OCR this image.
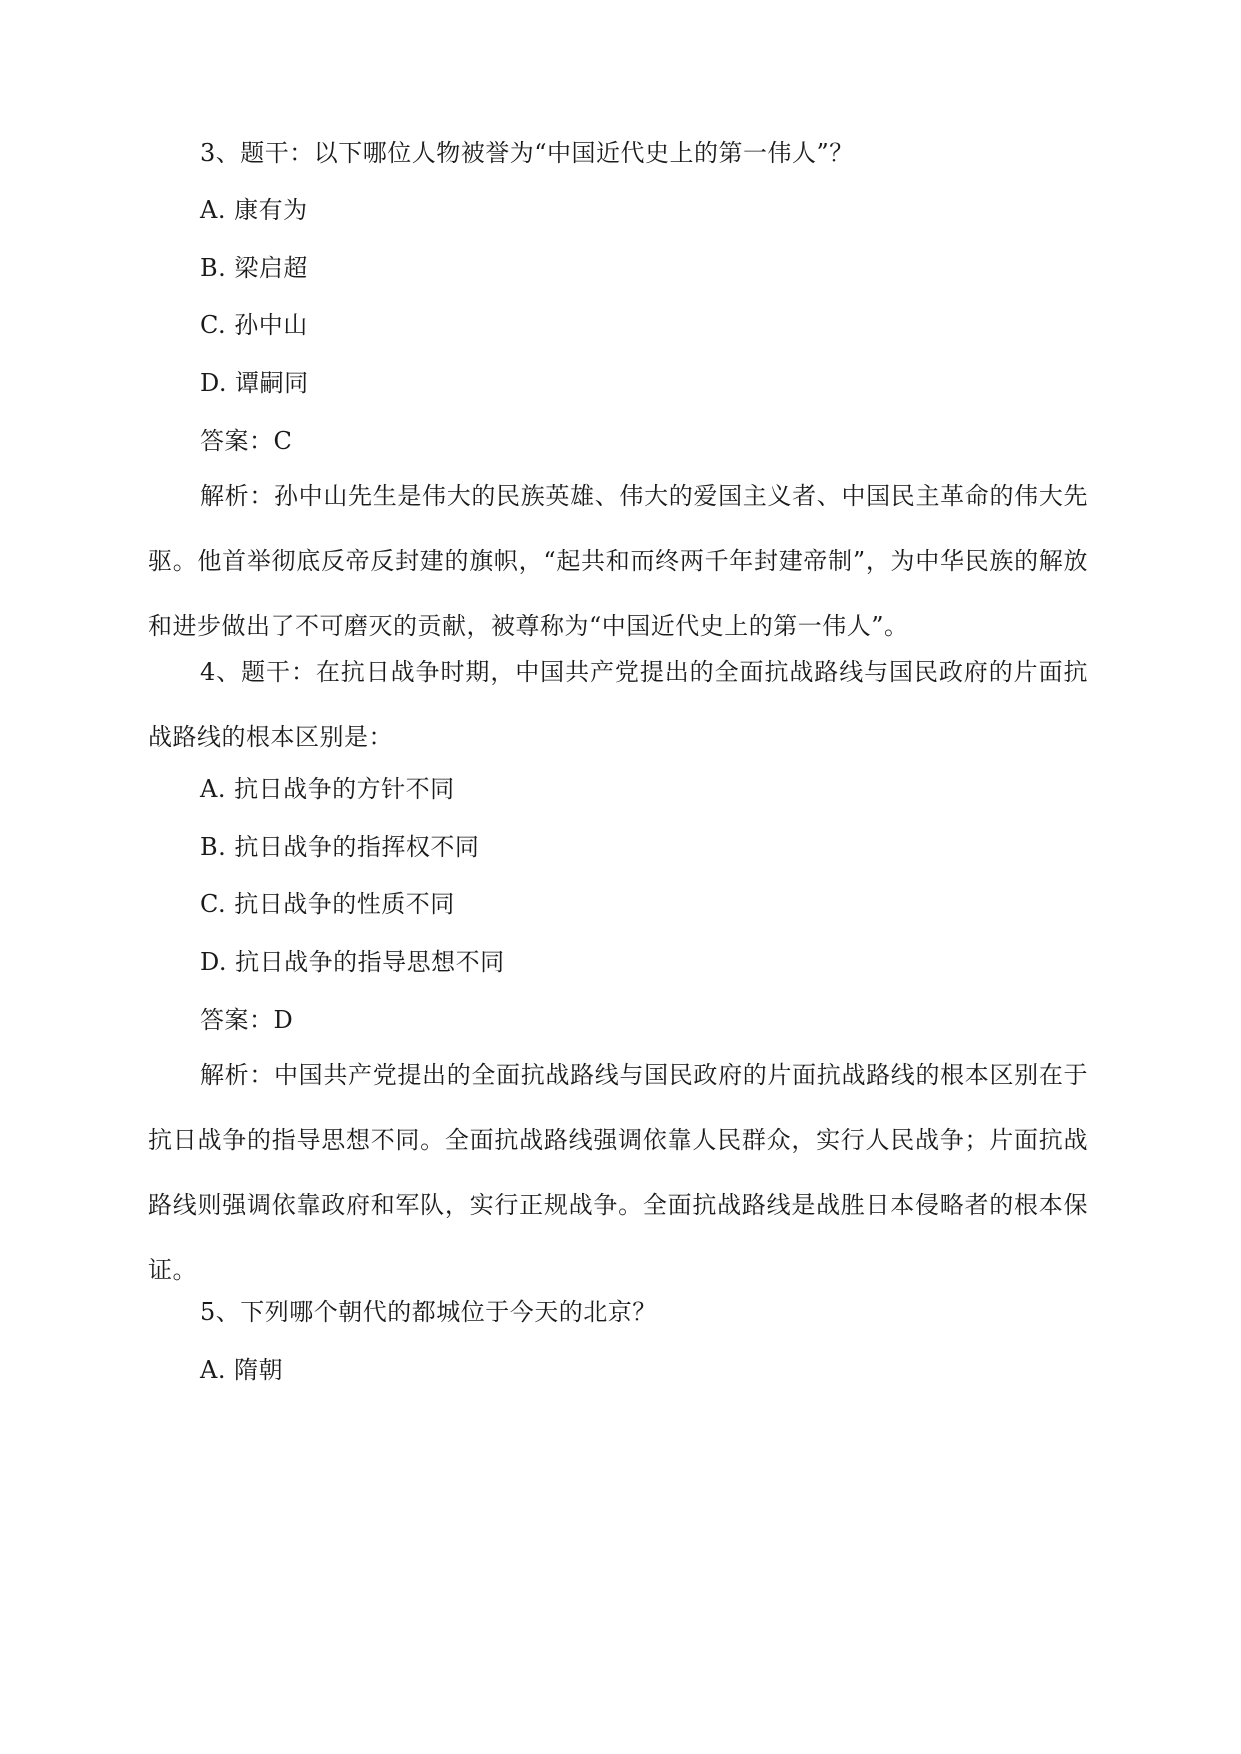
3、题干：以下哪位人物被誉为“中国近代史上的第一伟人”？
A. 康有为
B. 梁启超
C. 孙中山
D. 谭嗣同
答案：C
解析：孙中山先生是伟大的民族英雄、伟大的爱国主义者、中国民主革命的伟大先驱。他首举彻底反帝反封建的旗帜，“起共和而终两千年封建帝制”，为中华民族的解放和进步做出了不可磨灭的贡献，被尊称为“中国近代史上的第一伟人”。
4、题干：在抗日战争时期，中国共产党提出的全面抗战路线与国民政府的片面抗战路线的根本区别是：
A. 抗日战争的方针不同
B. 抗日战争的指挥权不同
C. 抗日战争的性质不同
D. 抗日战争的指导思想不同
答案：D
解析：中国共产党提出的全面抗战路线与国民政府的片面抗战路线的根本区别在于抗日战争的指导思想不同。全面抗战路线强调依靠人民群众，实行人民战争；片面抗战路线则强调依靠政府和军队，实行正规战争。全面抗战路线是战胜日本侵略者的根本保证。
5、下列哪个朝代的都城位于今天的北京？
A. 隋朝
